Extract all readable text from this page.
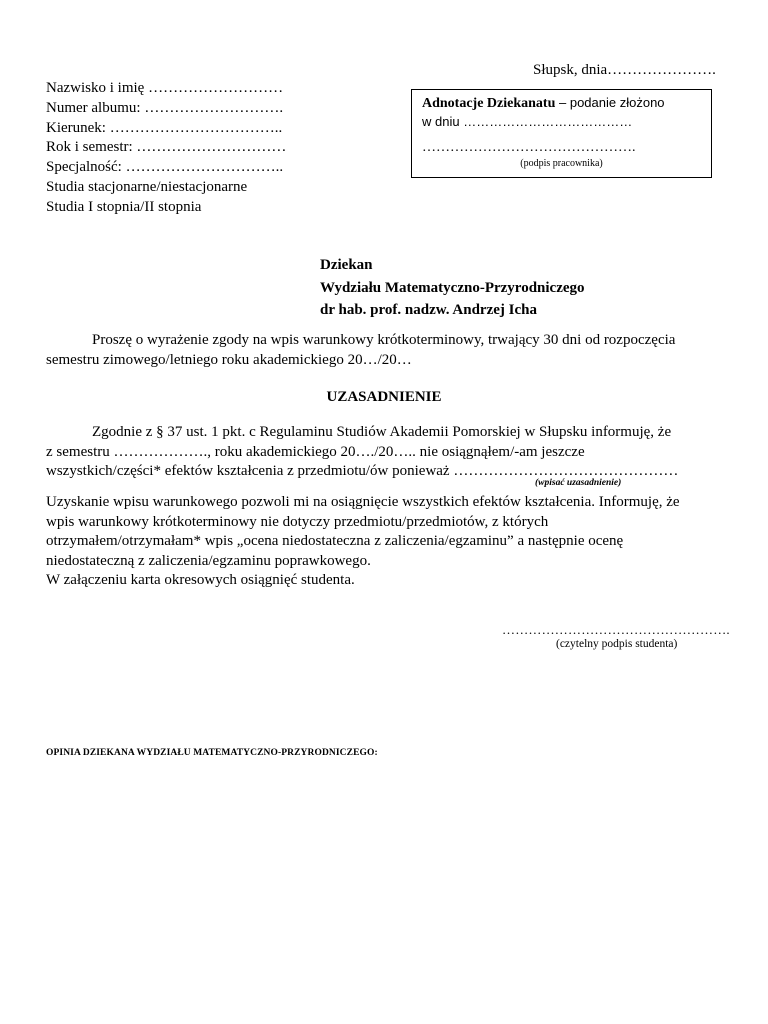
Słupsk, dnia………………….
Nazwisko i imię ………………………
Numer albumu: ……………………….
Kierunek: ……………………………..
Rok i semestr: …………………………
Specjalność: …………………………..
Studia stacjonarne/niestacjonarne
Studia I stopnia/II stopnia
Adnotacje Dziekanatu – podanie złożono
w dniu …………………………………
……………………………………….
(podpis pracownika)
Dziekan
Wydziału Matematyczno-Przyrodniczego
dr hab. prof. nadzw. Andrzej Icha
Proszę o wyrażenie zgody na wpis warunkowy krótkoterminowy, trwający 30 dni od rozpoczęcia semestru zimowego/letniego roku akademickiego 20…/20…
UZASADNIENIE
Zgodnie z § 37 ust. 1 pkt. c Regulaminu Studiów Akademii Pomorskiej w Słupsku informuję, że
z semestru ………………., roku akademickiego 20…./20….. nie osiągnąłem/-am jeszcze
wszystkich/części* efektów kształcenia z przedmiotu/ów ponieważ ………………………………………
(wpisać uzasadnienie)
Uzyskanie wpisu warunkowego pozwoli mi na osiągnięcie wszystkich efektów kształcenia. Informuję, że
wpis warunkowy krótkoterminowy nie dotyczy przedmiotu/przedmiotów, z których
otrzymałem/otrzymałam* wpis „ocena niedostateczna z zaliczenia/egzaminu” a następnie ocenę
niedostateczną z zaliczenia/egzaminu poprawkowego.
W załączeniu karta okresowych osiągnięć studenta.
…………………………………………….
(czytelny podpis studenta)
OPINIA DZIEKANA WYDZIAŁU MATEMATYCZNO-PRZYRODNICZEGO:
